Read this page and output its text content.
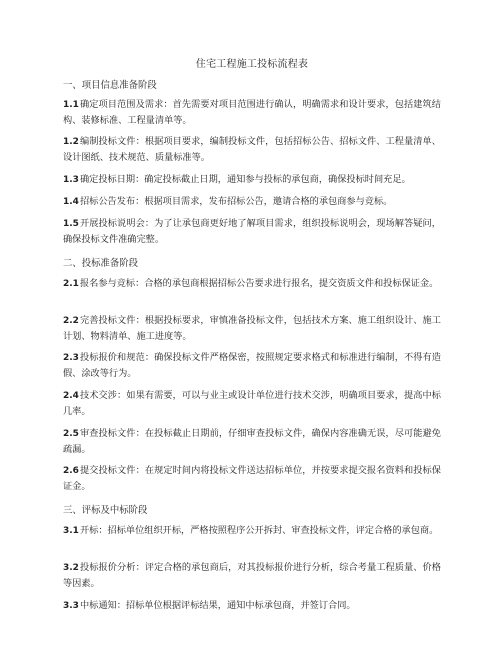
住宅工程施工投标流程表
一、项目信息准备阶段
1.1确定项目范围及需求：首先需要对项目范围进行确认，明确需求和设计要求，包括建筑结构、装修标准、工程量清单等。
1.2编制投标文件：根据项目要求，编制投标文件，包括招标公告、招标文件、工程量清单、设计图纸、技术规范、质量标准等。
1.3确定投标日期：确定投标截止日期，通知参与投标的承包商，确保投标时间充足。
1.4招标公告发布：根据项目需求，发布招标公告，邀请合格的承包商参与竞标。
1.5开展投标说明会：为了让承包商更好地了解项目需求，组织投标说明会，现场解答疑问，确保投标文件准确完整。
二、投标准备阶段
2.1报名参与竞标：合格的承包商根据招标公告要求进行报名，提交资质文件和投标保证金。
2.2完善投标文件：根据投标要求，审慎准备投标文件，包括技术方案、施工组织设计、施工计划、物料清单、施工进度等。
2.3投标报价和规范：确保投标文件严格保密，按照规定要求格式和标准进行编制，不得有造假、涂改等行为。
2.4技术交涉：如果有需要，可以与业主或设计单位进行技术交涉，明确项目要求，提高中标几率。
2.5审查投标文件：在投标截止日期前，仔细审查投标文件，确保内容准确无误，尽可能避免疏漏。
2.6提交投标文件：在规定时间内将投标文件送达招标单位，并按要求提交报名资料和投标保证金。
三、评标及中标阶段
3.1开标：招标单位组织开标，严格按照程序公开拆封、审查投标文件，评定合格的承包商。
3.2投标报价分析：评定合格的承包商后，对其投标报价进行分析，综合考量工程质量、价格等因素。
3.3中标通知：招标单位根据评标结果，通知中标承包商，并签订合同。
